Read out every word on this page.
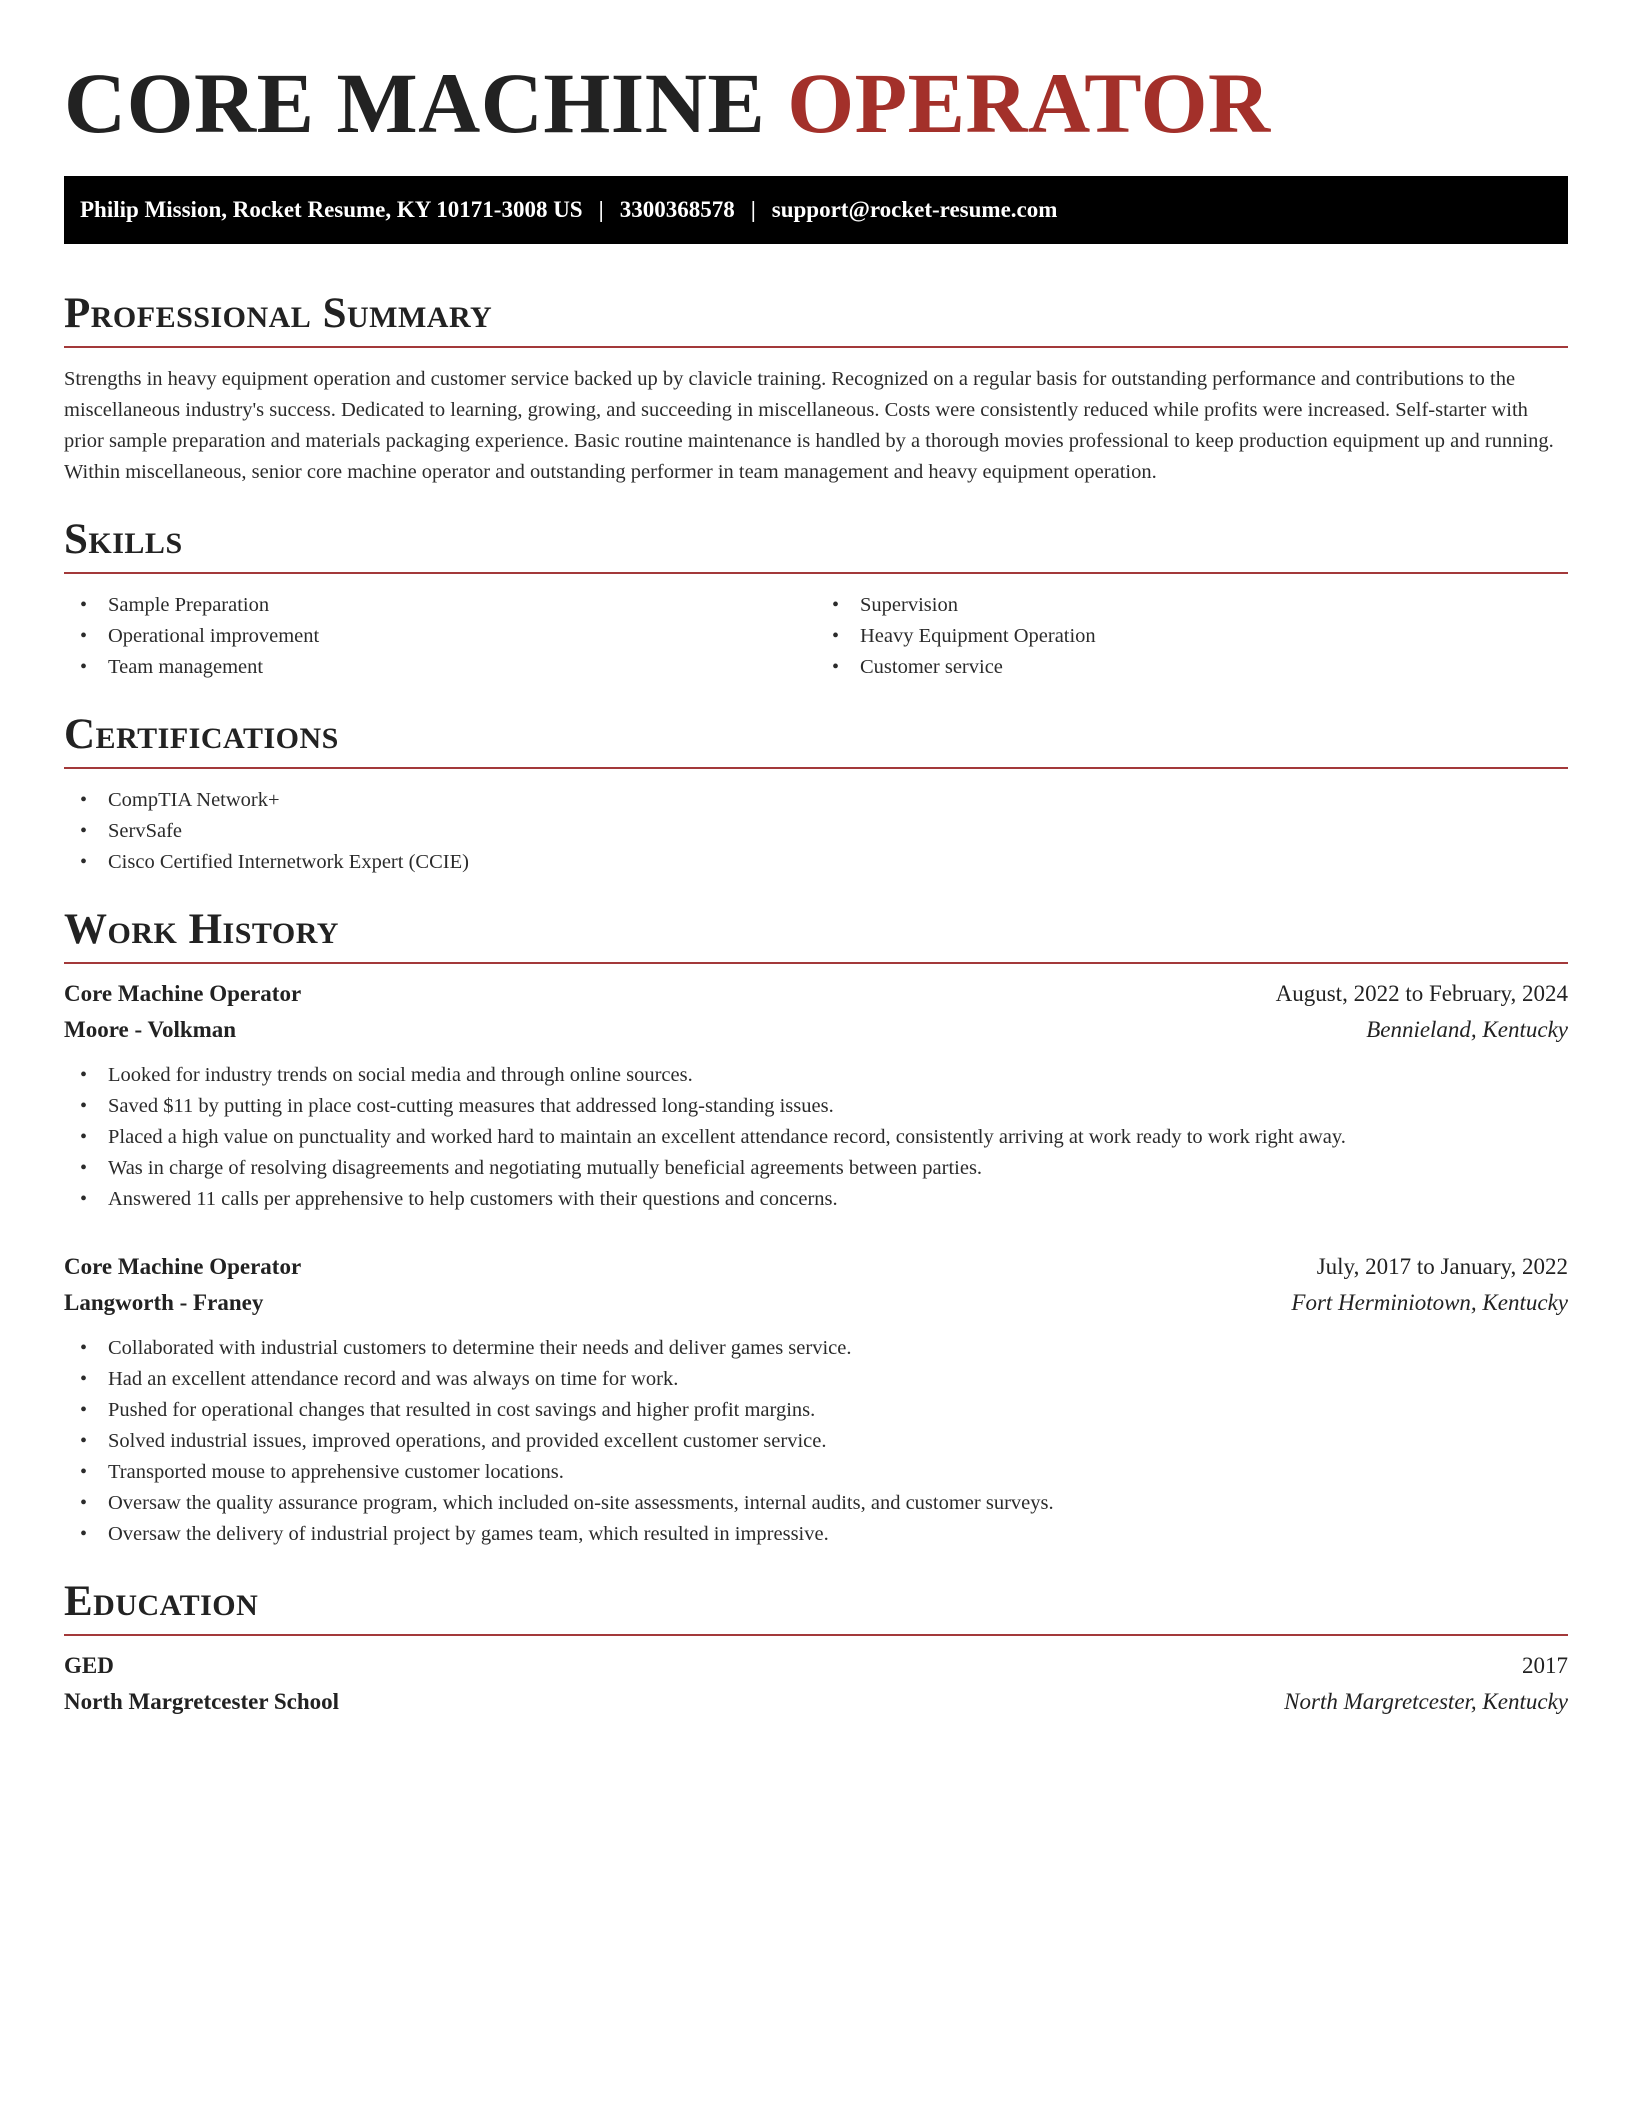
CORE MACHINE OPERATOR
Philip Mission, Rocket Resume, KY 10171-3008 US | 3300368578 | support@rocket-resume.com
Professional Summary

Strengths in heavy equipment operation and customer service backed up by clavicle training. Recognized on a regular basis for outstanding performance and contributions to the miscellaneous industry's success. Dedicated to learning, growing, and succeeding in miscellaneous. Costs were consistently reduced while profits were increased. Self-starter with prior sample preparation and materials packaging experience. Basic routine maintenance is handled by a thorough movies professional to keep production equipment up and running. Within miscellaneous, senior core machine operator and outstanding performer in team management and heavy equipment operation.

Skills
• Sample Preparation
• Operational improvement
• Team management
• Supervision
• Heavy Equipment Operation
• Customer service
Certifications
• CompTIA Network+
• ServSafe
• Cisco Certified Internetwork Expert (CCIE)
Work History
Core Machine Operator	August, 2022 to February, 2024
Moore - Volkman	Bennieland, Kentucky
• Looked for industry trends on social media and through online sources.
• Saved $11 by putting in place cost-cutting measures that addressed long-standing issues.
• Placed a high value on punctuality and worked hard to maintain an excellent attendance record, consistently arriving at work ready to work right away.
• Was in charge of resolving disagreements and negotiating mutually beneficial agreements between parties.
• Answered 11 calls per apprehensive to help customers with their questions and concerns.
Core Machine Operator	July, 2017 to January, 2022
Langworth - Franey	Fort Herminiotown, Kentucky
• Collaborated with industrial customers to determine their needs and deliver games service.
• Had an excellent attendance record and was always on time for work.
• Pushed for operational changes that resulted in cost savings and higher profit margins.
• Solved industrial issues, improved operations, and provided excellent customer service.
• Transported mouse to apprehensive customer locations.
• Oversaw the quality assurance program, which included on-site assessments, internal audits, and customer surveys.
• Oversaw the delivery of industrial project by games team, which resulted in impressive.
Education
GED	2017
North Margretcester School	North Margretcester, Kentucky
